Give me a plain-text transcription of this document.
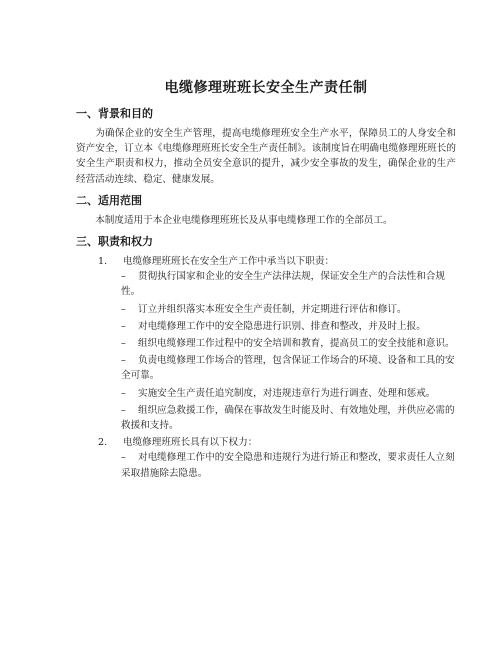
电缆修理班班长安全生产责任制
一、背景和目的

为确保企业的安全生产管理，提高电缆修理班安全生产水平，保障员工的人身安全和资产安全，订立本《电缆修理班班长安全生产责任制》。该制度旨在明确电缆修理班班长的安全生产职责和权力，推动全员安全意识的提升，减少安全事故的发生，确保企业的生产经营活动连续、稳定、健康发展。

二、适用范围

本制度适用于本企业电缆修理班班长及从事电缆修理工作的全部员工。

三、职责和权力
1. 电缆修理班班长在安全生产工作中承当以下职责：
– 贯彻执行国家和企业的安全生产法律法规，保证安全生产的合法性和合规性。
– 订立并组织落实本班安全生产责任制，并定期进行评估和修订。
– 对电缆修理工作中的安全隐患进行识别、排查和整改，并及时上报。
– 组织电缆修理工作过程中的安全培训和教育，提高员工的安全技能和意识。
– 负责电缆修理工作场合的管理，包含保证工作场合的环境、设备和工具的安全可靠。
– 实施安全生产责任追究制度，对违规违章行为进行调查、处理和惩戒。
– 组织应急救援工作，确保在事故发生时能及时、有效地处理，并供应必需的救援和支持。
2. 电缆修理班班长具有以下权力：
– 对电缆修理工作中的安全隐患和违规行为进行矫正和整改，要求责任人立刻采取措施除去隐患。
